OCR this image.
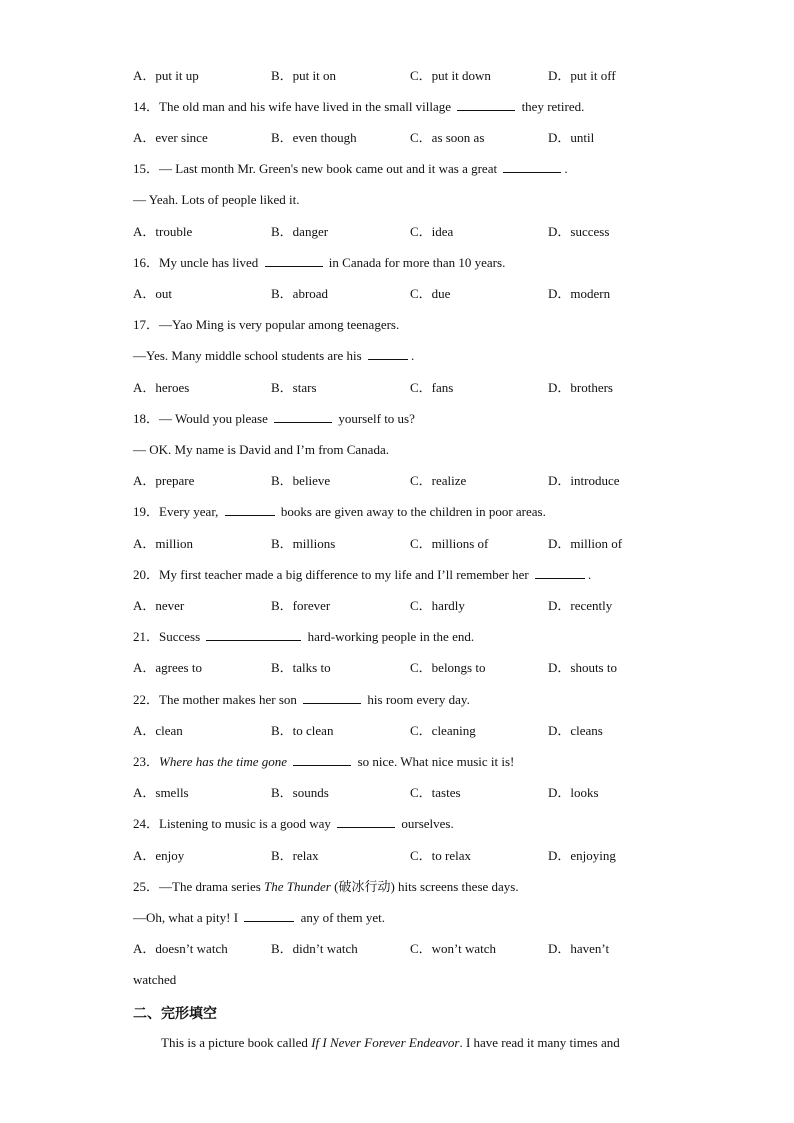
A．put it up	B．put it on	C．put it down	D．put it off
14．The old man and his wife have lived in the small village	they retired.
A．ever since	B．even though	C．as soon as	D．until
15．— Last month Mr. Green's new book came out and it was a great	.
— Yeah. Lots of people liked it.
A．trouble	B．danger	C．idea	D．success
16．My uncle has lived	in Canada for more than 10 years.
A．out	B．abroad	C．due	D．modern
17．—Yao Ming is very popular among teenagers.
—Yes. Many middle school students are his	.
A．heroes	B．stars	C．fans	D．brothers
18．— Would you please	yourself to us?
— OK. My name is David and I’m from Canada.
A．prepare	B．believe	C．realize	D．introduce
19．Every year,	books are given away to the children in poor areas.
A．million	B．millions	C．millions of	D．million of
20．My first teacher made a big difference to my life and I’ll remember her	.
A．never	B．forever	C．hardly	D．recently
21．Success	hard-working people in the end.
A．agrees to	B．talks to	C．belongs to	D．shouts to
22．The mother makes her son	his room every day.
A．clean	B．to clean	C．cleaning	D．cleans
23．Where has the time gone	so nice. What nice music it is!
A．smells	B．sounds	C．tastes	D．looks
24．Listening to music is a good way	ourselves.
A．enjoy	B．relax	C．to relax	D．enjoying
25．—The drama series The Thunder (破冰行动) hits screens these days.
—Oh, what a pity! I	any of them yet.
A．doesn’t watch	B．didn’t watch	C．won’t watch	D．haven’t
watched
二、完形填空
This is a picture book called If I Never Forever Endeavor. I have read it many times and
